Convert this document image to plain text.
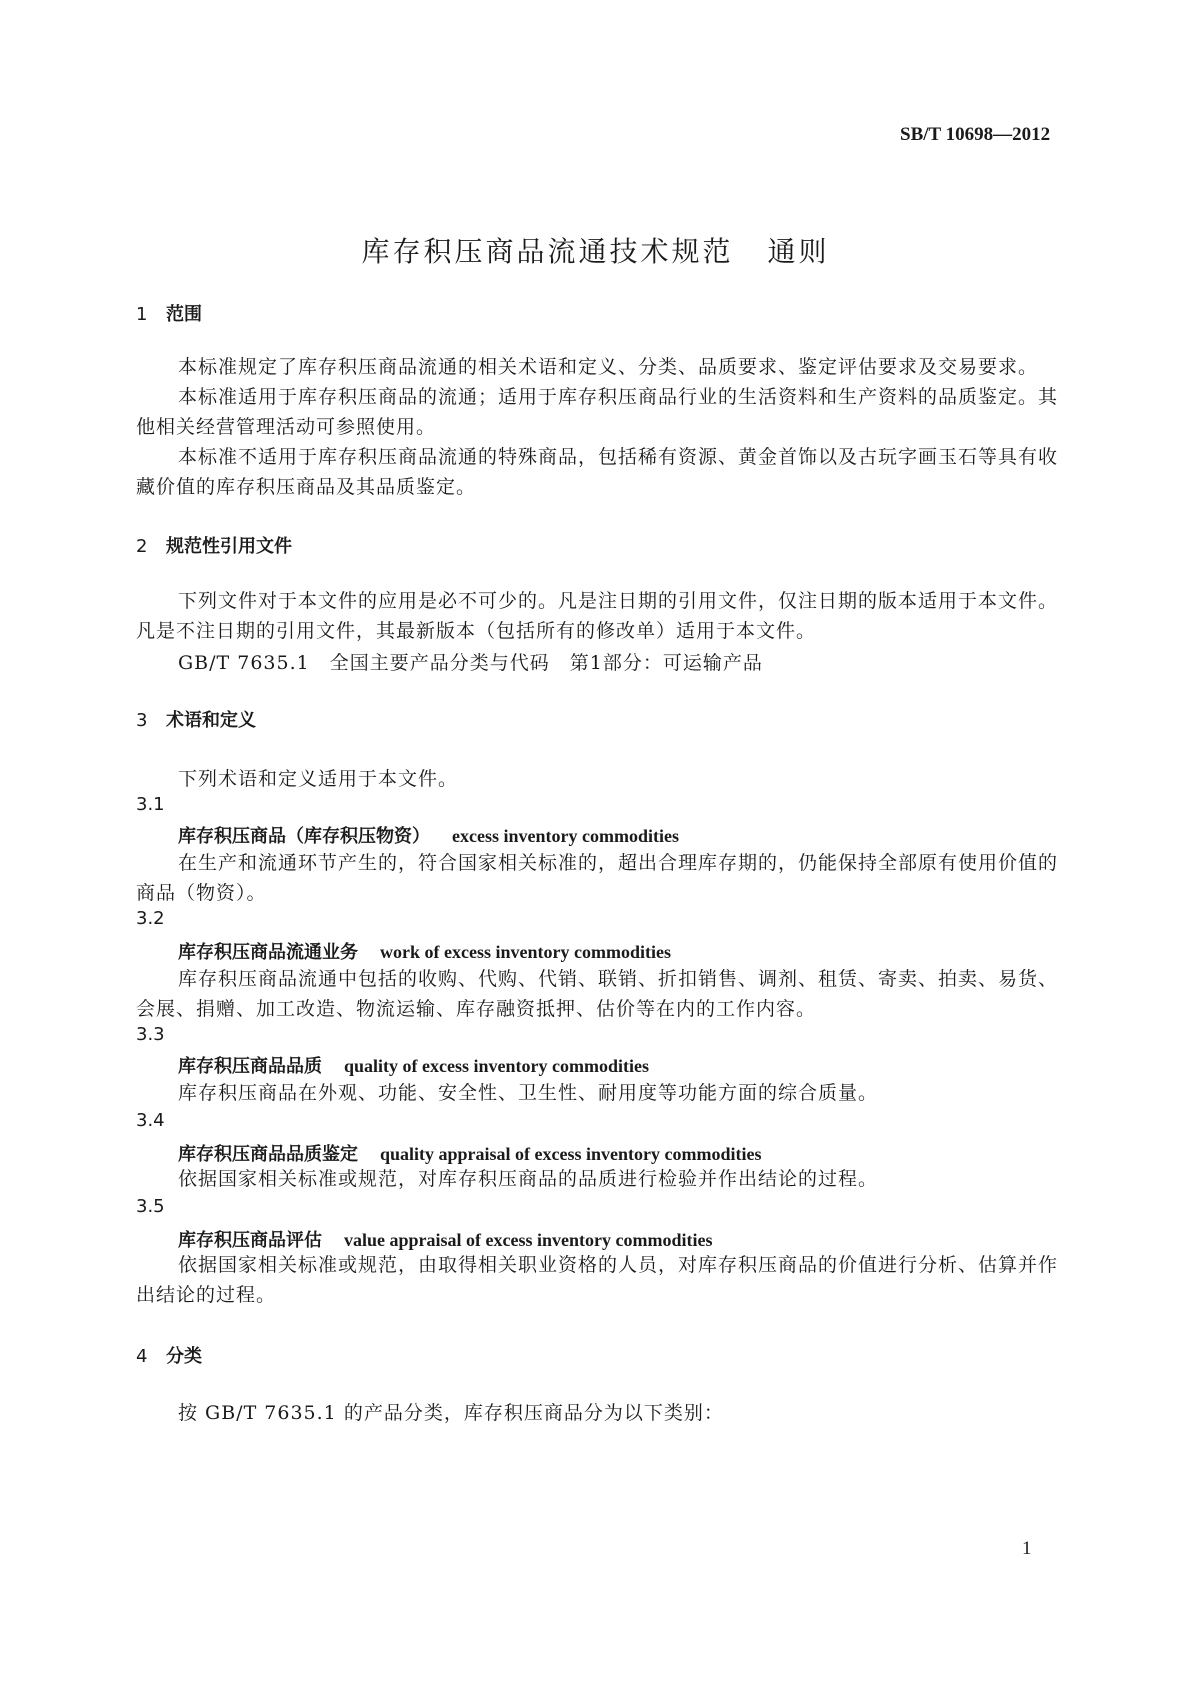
SB/T 10698—2012
库存积压商品流通技术规范 通则
1 范围
本标准规定了库存积压商品流通的相关术语和定义、分类、品质要求、鉴定评估要求及交易要求。
本标准适用于库存积压商品的流通；适用于库存积压商品行业的生活资料和生产资料的品质鉴定。其他相关经营管理活动可参照使用。
本标准不适用于库存积压商品流通的特殊商品，包括稀有资源、黄金首饰以及古玩字画玉石等具有收藏价值的库存积压商品及其品质鉴定。
2 规范性引用文件
下列文件对于本文件的应用是必不可少的。凡是注日期的引用文件，仅注日期的版本适用于本文件。凡是不注日期的引用文件，其最新版本（包括所有的修改单）适用于本文件。
GB/T 7635.1　全国主要产品分类与代码　第1部分：可运输产品
3 术语和定义
下列术语和定义适用于本文件。
3.1
库存积压商品（库存积压物资） excess inventory commodities
在生产和流通环节产生的，符合国家相关标准的，超出合理库存期的，仍能保持全部原有使用价值的商品（物资）。
3.2
库存积压商品流通业务 work of excess inventory commodities
库存积压商品流通中包括的收购、代购、代销、联销、折扣销售、调剂、租赁、寄卖、拍卖、易货、会展、捐赠、加工改造、物流运输、库存融资抵押、估价等在内的工作内容。
3.3
库存积压商品品质 quality of excess inventory commodities
库存积压商品在外观、功能、安全性、卫生性、耐用度等功能方面的综合质量。
3.4
库存积压商品品质鉴定 quality appraisal of excess inventory commodities
依据国家相关标准或规范，对库存积压商品的品质进行检验并作出结论的过程。
3.5
库存积压商品评估 value appraisal of excess inventory commodities
依据国家相关标准或规范，由取得相关职业资格的人员，对库存积压商品的价值进行分析、估算并作出结论的过程。
4 分类
按 GB/T 7635.1 的产品分类，库存积压商品分为以下类别：
1
